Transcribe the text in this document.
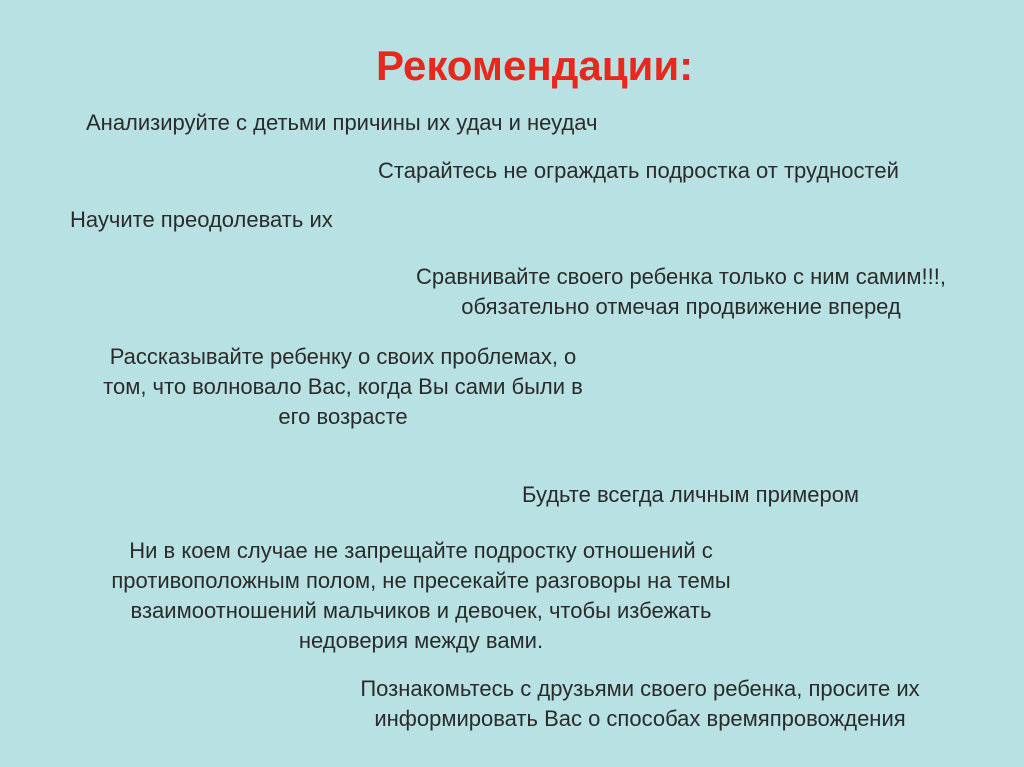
Рекомендации:
Анализируйте с детьми причины их удач и неудач
Старайтесь не ограждать подростка от трудностей
Научите преодолевать их
Сравнивайте своего ребенка только с ним самим!!!,
обязательно отмечая продвижение вперед
Рассказывайте ребенку о своих проблемах, о
том, что волновало Вас, когда Вы сами были в
его возрасте
Будьте всегда личным примером
Ни в коем случае не запрещайте подростку отношений с
противоположным полом, не пресекайте разговоры на темы
взаимоотношений мальчиков и девочек, чтобы избежать
недоверия между вами.
Познакомьтесь с друзьями своего ребенка, просите их
информировать Вас о способах времяпровождения
